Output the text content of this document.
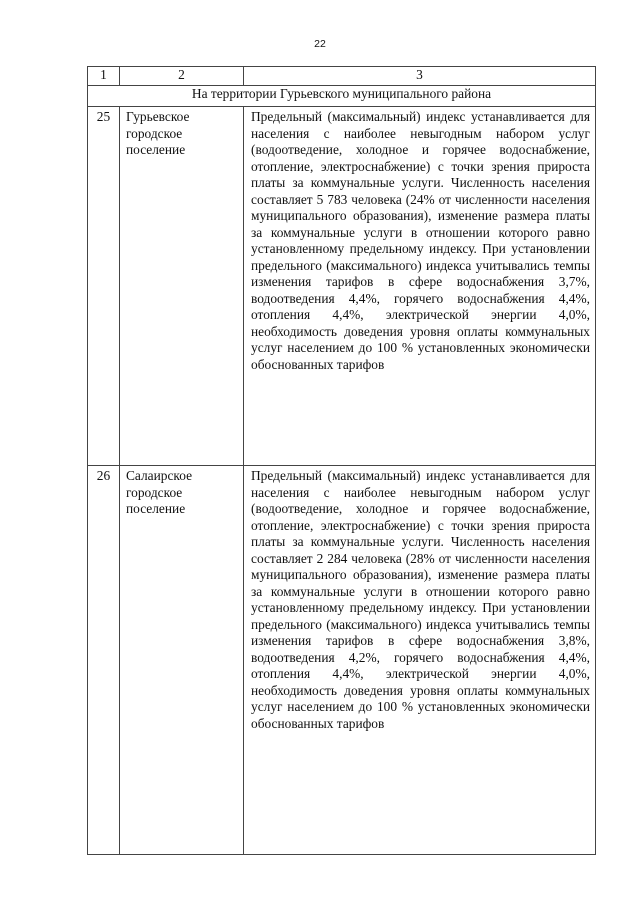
22
1	2	3
На территории Гурьевского муниципального района		
25	Гурьевское городское поселение	Предельный (максимальный) индекс устанавливается для населения с наиболее невыгодным набором услуг (водоотведение, холодное и горячее водоснабжение, отопление, электроснабжение) с точки зрения прироста платы за коммунальные услуги. Численность населения составляет 5 783 человека (24% от численности населения муниципального образования), изменение размера платы за коммунальные услуги в отношении которого равно установленному предельному индексу. При установлении предельного (максимального) индекса учитывались темпы изменения тарифов в сфере водоснабжения 3,7%, водоотведения 4,4%, горячего водоснабжения 4,4%, отопления 4,4%, электрической энергии 4,0%, необходимость доведения уровня оплаты коммунальных услуг населением до 100 % установленных экономически обоснованных тарифов
26	Салаирское городское поселение	Предельный (максимальный) индекс устанавливается для населения с наиболее невыгодным набором услуг (водоотведение, холодное и горячее водоснабжение, отопление, электроснабжение) с точки зрения прироста платы за коммунальные услуги. Численность населения составляет 2 284 человека (28% от численности населения муниципального образования), изменение размера платы за коммунальные услуги в отношении которого равно установленному предельному индексу. При установлении предельного (максимального) индекса учитывались темпы изменения тарифов в сфере водоснабжения 3,8%, водоотведения 4,2%, горячего водоснабжения 4,4%, отопления 4,4%, электрической энергии 4,0%, необходимость доведения уровня оплаты коммунальных услуг населением до 100 % установленных экономически обоснованных тарифов
